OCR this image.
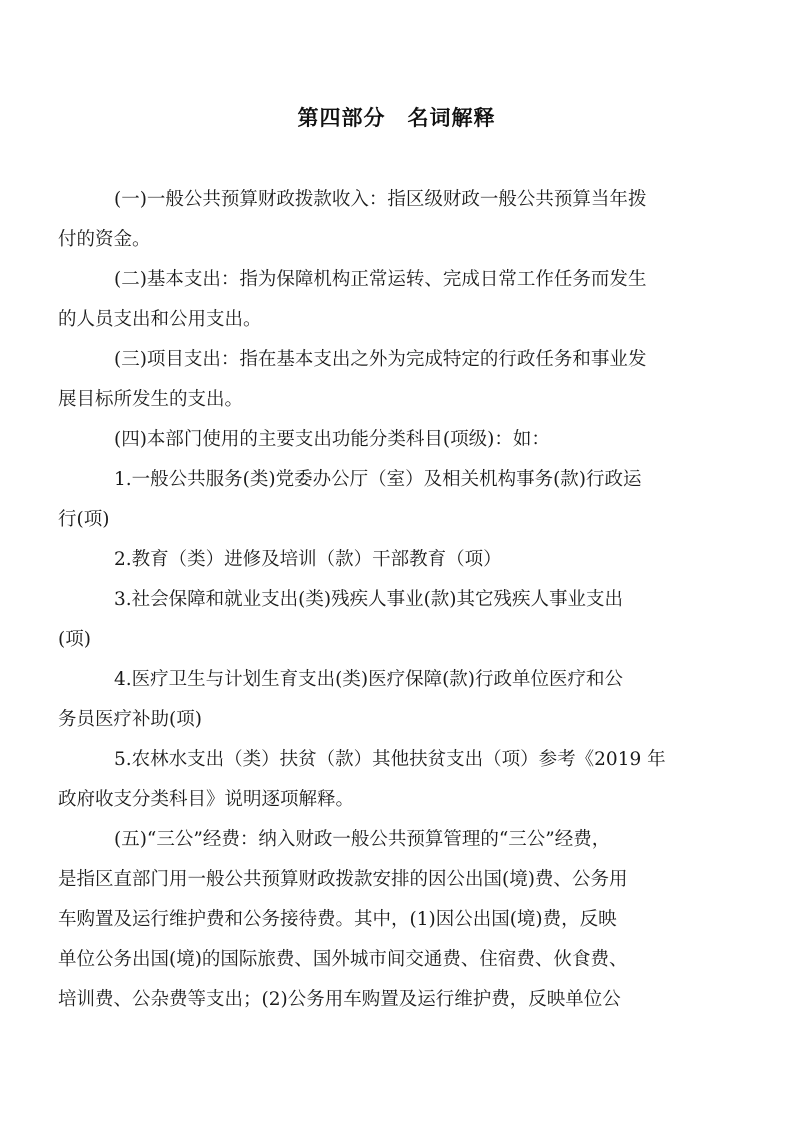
第四部分　名词解释
(一)一般公共预算财政拨款收入：指区级财政一般公共预算当年拨
付的资金。
(二)基本支出：指为保障机构正常运转、完成日常工作任务而发生
的人员支出和公用支出。
(三)项目支出：指在基本支出之外为完成特定的行政任务和事业发
展目标所发生的支出。
(四)本部门使用的主要支出功能分类科目(项级)：如：
1.一般公共服务(类)党委办公厅（室）及相关机构事务(款)行政运
行(项)
2.教育（类）进修及培训（款）干部教育（项）
3.社会保障和就业支出(类)残疾人事业(款)其它残疾人事业支出
(项)
4.医疗卫生与计划生育支出(类)医疗保障(款)行政单位医疗和公
务员医疗补助(项)
5.农林水支出（类）扶贫（款）其他扶贫支出（项）参考《2019 年
政府收支分类科目》说明逐项解释。
(五)“三公”经费：纳入财政一般公共预算管理的“三公”经费，
是指区直部门用一般公共预算财政拨款安排的因公出国(境)费、公务用
车购置及运行维护费和公务接待费。其中，(1)因公出国(境)费，反映
单位公务出国(境)的国际旅费、国外城市间交通费、住宿费、伙食费、
培训费、公杂费等支出；(2)公务用车购置及运行维护费，反映单位公
